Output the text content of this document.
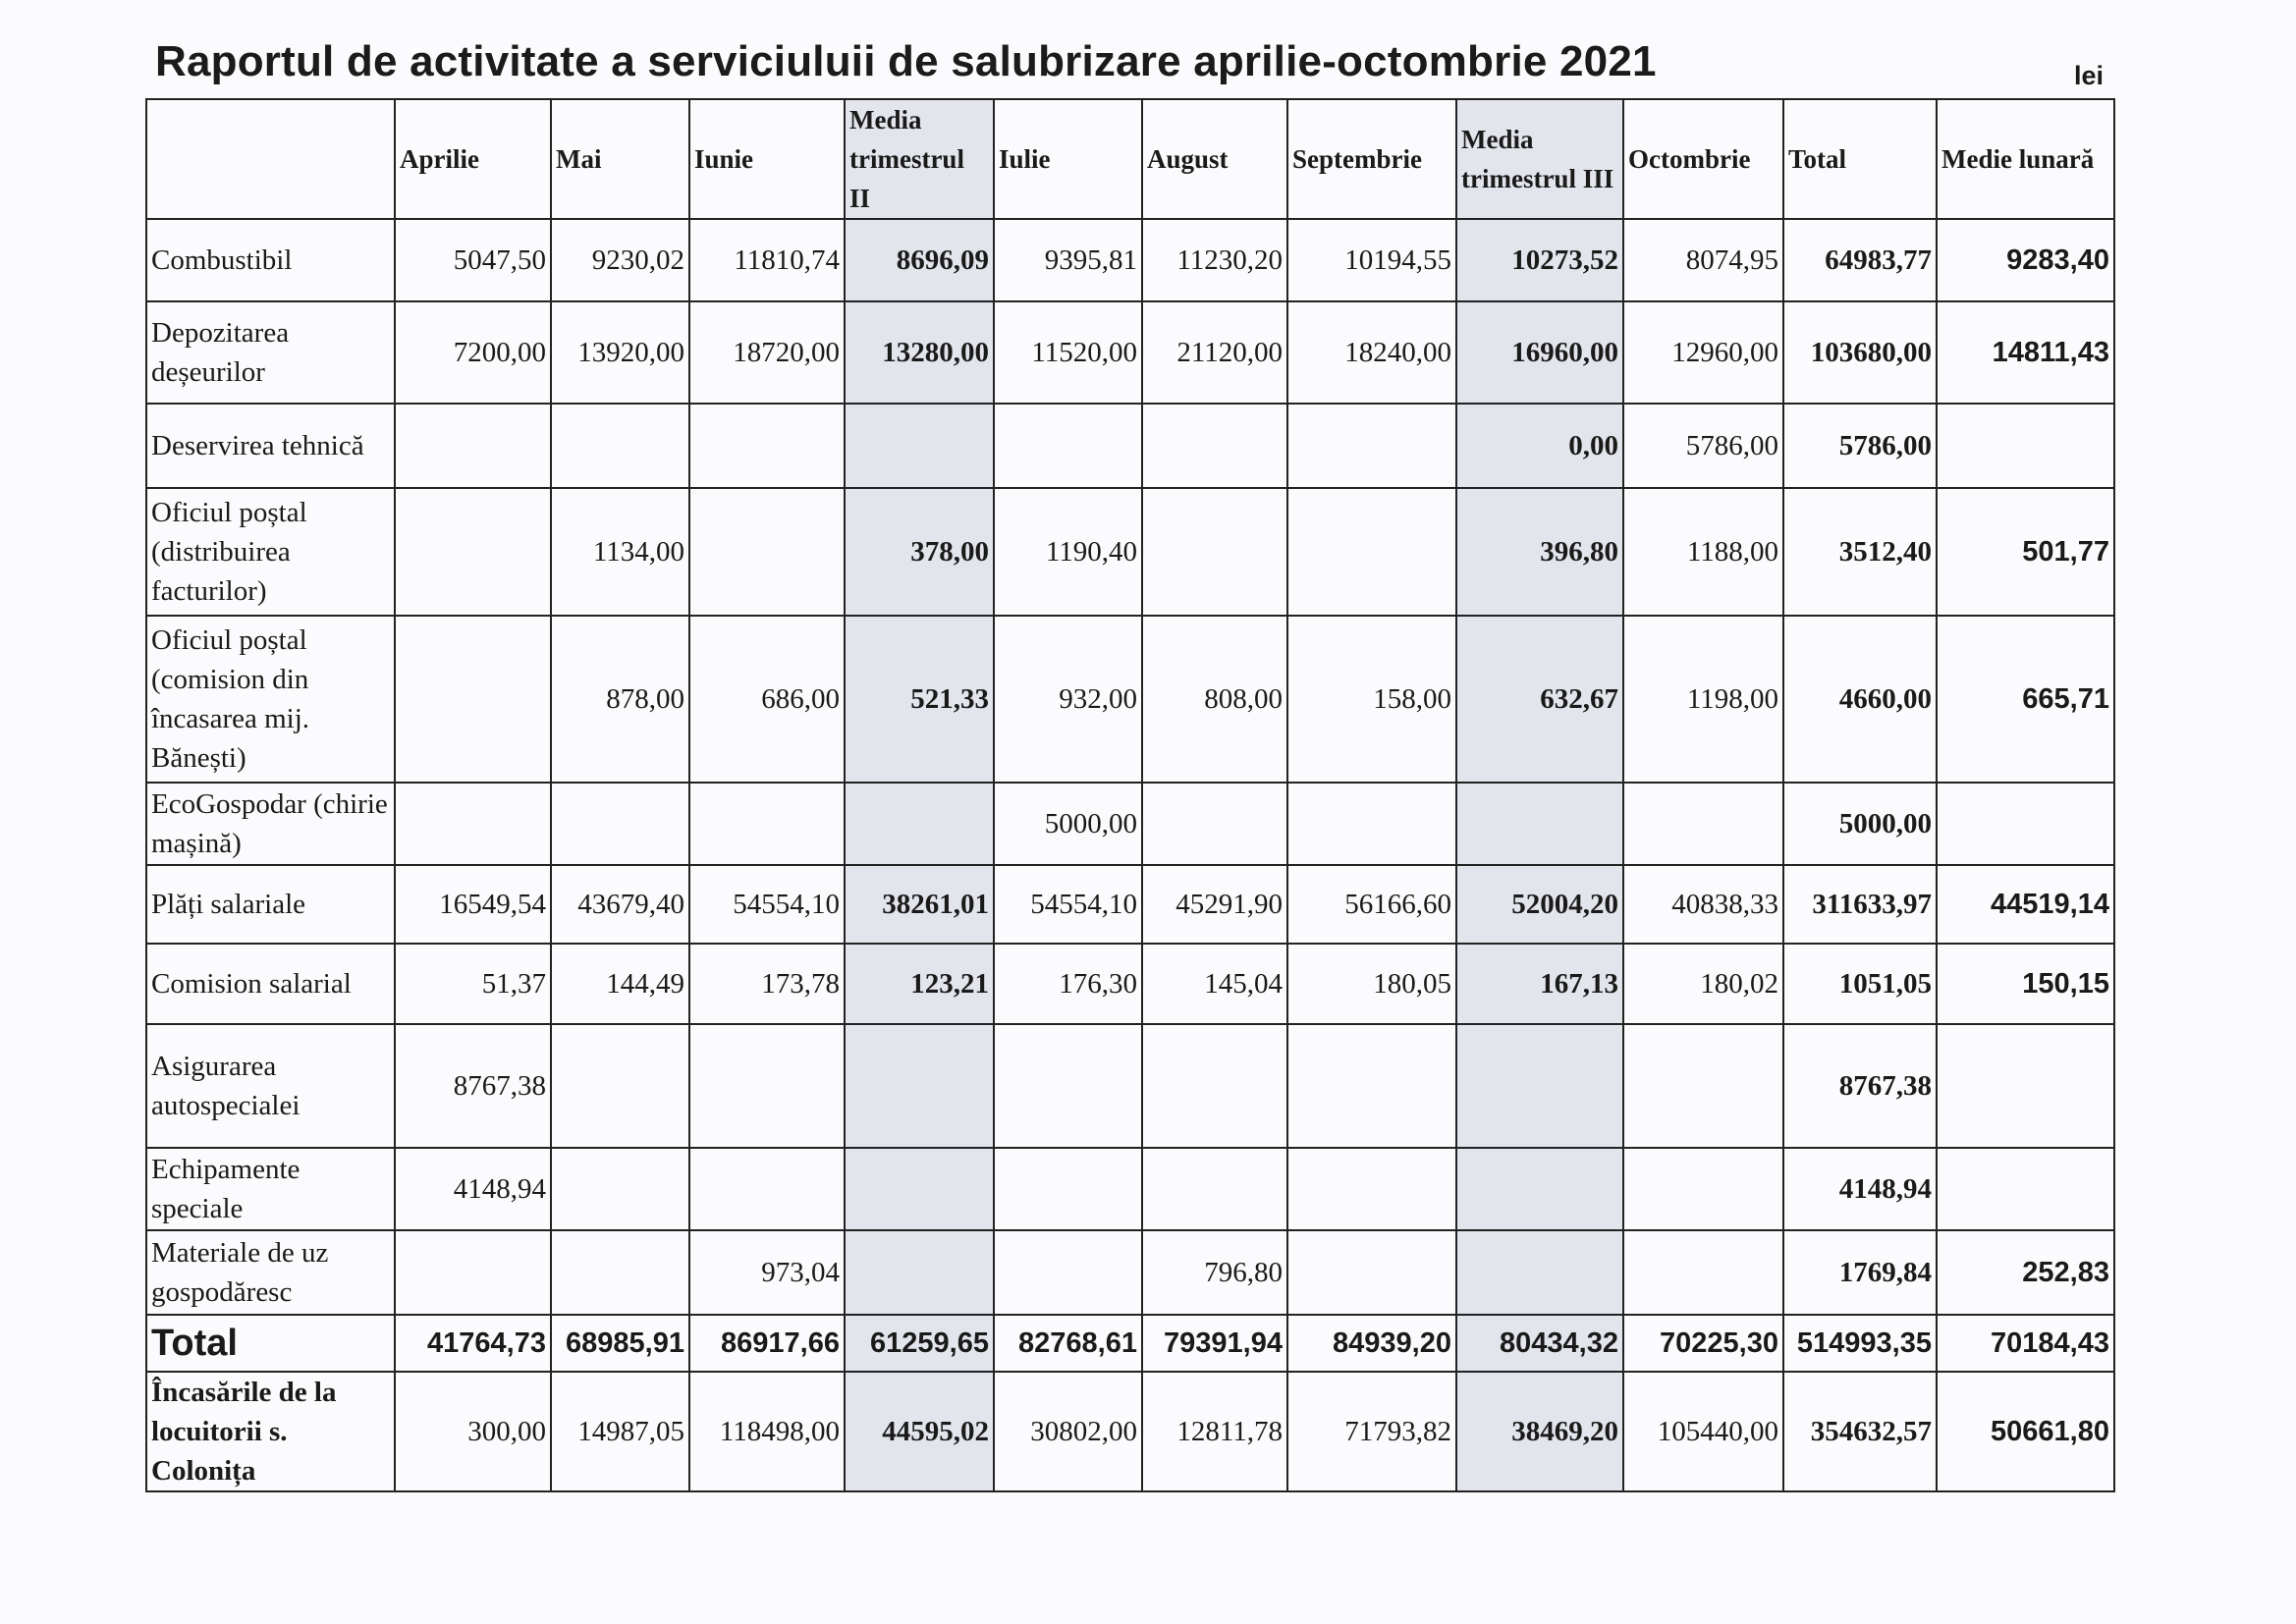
Raportul de activitate a serviciuluii de salubrizare aprilie-octombrie 2021	lei
	Aprilie	Mai	Iunie	Media trimestrul II	Iulie	August	Septembrie	Media trimestrul III	Octombrie	Total	Medie lunară
Combustibil	5047,50	9230,02	11810,74	8696,09	9395,81	11230,20	10194,55	10273,52	8074,95	64983,77	9283,40
Depozitarea deșeurilor	7200,00	13920,00	18720,00	13280,00	11520,00	21120,00	18240,00	16960,00	12960,00	103680,00	14811,43
Deservirea tehnică								0,00	5786,00	5786,00	
Oficiul poștal (distribuirea facturilor)		1134,00		378,00	1190,40			396,80	1188,00	3512,40	501,77
Oficiul poștal (comision din încasarea mij. Bănești)		878,00	686,00	521,33	932,00	808,00	158,00	632,67	1198,00	4660,00	665,71
EcoGospodar (chirie mașină)					5000,00					5000,00	
Plăți salariale	16549,54	43679,40	54554,10	38261,01	54554,10	45291,90	56166,60	52004,20	40838,33	311633,97	44519,14
Comision salarial	51,37	144,49	173,78	123,21	176,30	145,04	180,05	167,13	180,02	1051,05	150,15
Asigurarea autospecialei	8767,38									8767,38	
Echipamente speciale	4148,94									4148,94	
Materiale de uz gospodăresc			973,04			796,80				1769,84	252,83
Total	41764,73	68985,91	86917,66	61259,65	82768,61	79391,94	84939,20	80434,32	70225,30	514993,35	70184,43
Încasările de la locuitorii s. Colonița	300,00	14987,05	118498,00	44595,02	30802,00	12811,78	71793,82	38469,20	105440,00	354632,57	50661,80
